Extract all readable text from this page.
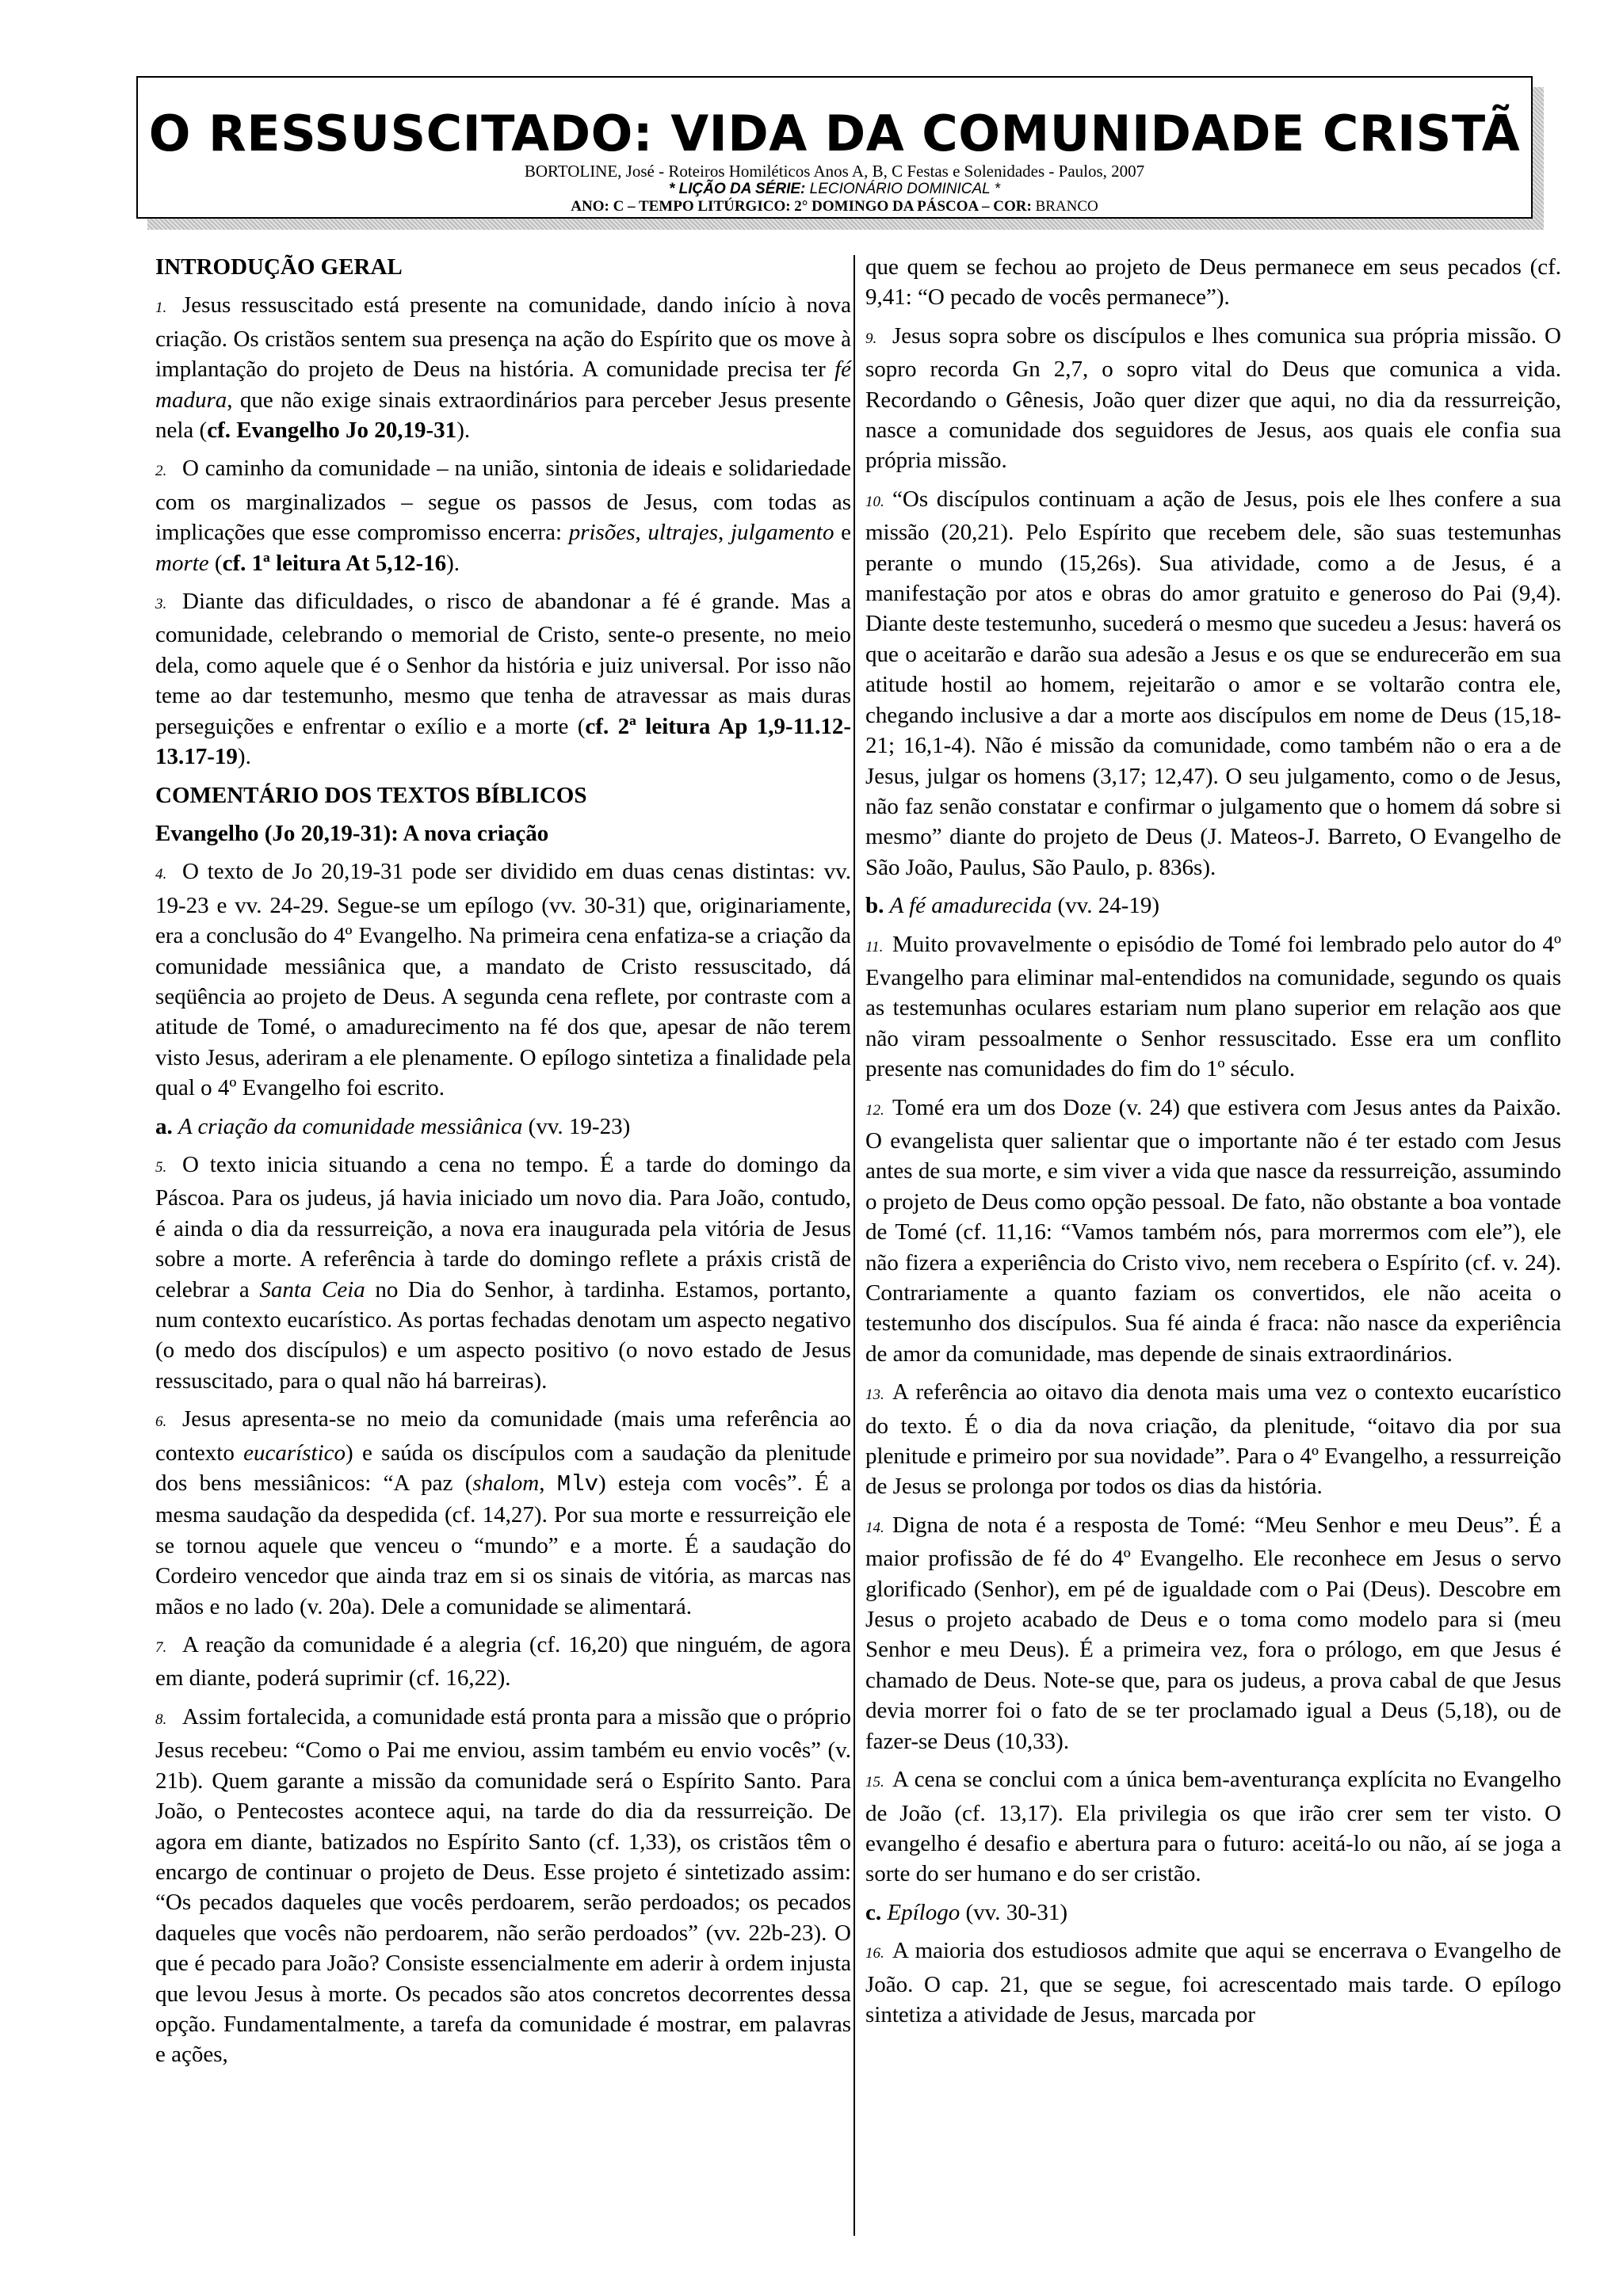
O RESSUSCITADO: VIDA DA COMUNIDADE CRISTÃ
BORTOLINE, José - Roteiros Homiléticos Anos A, B, C Festas e Solenidades - Paulos, 2007
* LIÇÃO DA SÉRIE: LECIONÁRIO DOMINICAL *
ANO: C – TEMPO LITÚRGICO: 2° DOMINGO DA PÁSCOA – COR: BRANCO
INTRODUÇÃO GERAL

1. Jesus ressuscitado está presente na comunidade, dando início à nova criação. Os cristãos sentem sua presença na ação do Espírito que os move à implantação do projeto de Deus na história. A comunidade precisa ter fé madura, que não exige sinais extraordinários para perceber Jesus presente nela (cf. Evangelho Jo 20,19-31).

2. O caminho da comunidade – na união, sintonia de ideais e solidariedade com os marginalizados – segue os passos de Jesus, com todas as implicações que esse compromisso encerra: prisões, ultrajes, julgamento e morte (cf. 1ª leitura At 5,12-16).

3. Diante das dificuldades, o risco de abandonar a fé é grande. Mas a comunidade, celebrando o memorial de Cristo, sente-o presente, no meio dela, como aquele que é o Senhor da história e juiz universal. Por isso não teme ao dar testemunho, mesmo que tenha de atravessar as mais duras perseguições e enfrentar o exílio e a morte (cf. 2ª leitura Ap 1,9-11.12-13.17-19).

COMENTÁRIO DOS TEXTOS BÍBLICOS
Evangelho (Jo 20,19-31): A nova criação

4. O texto de Jo 20,19-31 pode ser dividido em duas cenas distintas: vv. 19-23 e vv. 24-29. Segue-se um epílogo (vv. 30-31) que, originariamente, era a conclusão do 4º Evangelho. Na primeira cena enfatiza-se a criação da comunidade messiânica que, a mandato de Cristo ressuscitado, dá seqüência ao projeto de Deus. A segunda cena reflete, por contraste com a atitude de Tomé, o amadurecimento na fé dos que, apesar de não terem visto Jesus, aderiram a ele plenamente. O epílogo sintetiza a finalidade pela qual o 4º Evangelho foi escrito.

a. A criação da comunidade messiânica (vv. 19-23)

5. O texto inicia situando a cena no tempo. É a tarde do domingo da Páscoa. Para os judeus, já havia iniciado um novo dia. Para João, contudo, é ainda o dia da ressurreição, a nova era inaugurada pela vitória de Jesus sobre a morte. A referência à tarde do domingo reflete a práxis cristã de celebrar a Santa Ceia no Dia do Senhor, à tardinha. Estamos, portanto, num contexto eucarístico. As portas fechadas denotam um aspecto negativo (o medo dos discípulos) e um aspecto positivo (o novo estado de Jesus ressuscitado, para o qual não há barreiras).

6. Jesus apresenta-se no meio da comunidade (mais uma referência ao contexto eucarístico) e saúda os discípulos com a saudação da plenitude dos bens messiânicos: “A paz (shalom, Mlv) esteja com vocês”. É a mesma saudação da despedida (cf. 14,27). Por sua morte e ressurreição ele se tornou aquele que venceu o “mundo” e a morte. É a saudação do Cordeiro vencedor que ainda traz em si os sinais de vitória, as marcas nas mãos e no lado (v. 20a). Dele a comunidade se alimentará.

7. A reação da comunidade é a alegria (cf. 16,20) que ninguém, de agora em diante, poderá suprimir (cf. 16,22).

8. Assim fortalecida, a comunidade está pronta para a missão que o próprio Jesus recebeu: “Como o Pai me enviou, assim também eu envio vocês” (v. 21b). Quem garante a missão da comunidade será o Espírito Santo. Para João, o Pentecostes acontece aqui, na tarde do dia da ressurreição. De agora em diante, batizados no Espírito Santo (cf. 1,33), os cristãos têm o encargo de continuar o projeto de Deus. Esse projeto é sintetizado assim: “Os pecados daqueles que vocês perdoarem, serão perdoados; os pecados daqueles que vocês não perdoarem, não serão perdoados” (vv. 22b-23). O que é pecado para João? Consiste essencialmente em aderir à ordem injusta que levou Jesus à morte. Os pecados são atos concretos decorrentes dessa opção. Fundamentalmente, a tarefa da comunidade é mostrar, em palavras e ações,

que quem se fechou ao projeto de Deus permanece em seus pecados (cf. 9,41: “O pecado de vocês permanece”).

9. Jesus sopra sobre os discípulos e lhes comunica sua própria missão. O sopro recorda Gn 2,7, o sopro vital do Deus que comunica a vida. Recordando o Gênesis, João quer dizer que aqui, no dia da ressurreição, nasce a comunidade dos seguidores de Jesus, aos quais ele confia sua própria missão.

10. “Os discípulos continuam a ação de Jesus, pois ele lhes confere a sua missão (20,21). Pelo Espírito que recebem dele, são suas testemunhas perante o mundo (15,26s). Sua atividade, como a de Jesus, é a manifestação por atos e obras do amor gratuito e generoso do Pai (9,4). Diante deste testemunho, sucederá o mesmo que sucedeu a Jesus: haverá os que o aceitarão e darão sua adesão a Jesus e os que se endurecerão em sua atitude hostil ao homem, rejeitarão o amor e se voltarão contra ele, chegando inclusive a dar a morte aos discípulos em nome de Deus (15,18-21; 16,1-4). Não é missão da comunidade, como também não o era a de Jesus, julgar os homens (3,17; 12,47). O seu julgamento, como o de Jesus, não faz senão constatar e confirmar o julgamento que o homem dá sobre si mesmo” diante do projeto de Deus (J. Mateos-J. Barreto, O Evangelho de São João, Paulus, São Paulo, p. 836s).

b. A fé amadurecida (vv. 24-19)

11. Muito provavelmente o episódio de Tomé foi lembrado pelo autor do 4º Evangelho para eliminar mal-entendidos na comunidade, segundo os quais as testemunhas oculares estariam num plano superior em relação aos que não viram pessoalmente o Senhor ressuscitado. Esse era um conflito presente nas comunidades do fim do 1º século.

12. Tomé era um dos Doze (v. 24) que estivera com Jesus antes da Paixão. O evangelista quer salientar que o importante não é ter estado com Jesus antes de sua morte, e sim viver a vida que nasce da ressurreição, assumindo o projeto de Deus como opção pessoal. De fato, não obstante a boa vontade de Tomé (cf. 11,16: “Vamos também nós, para morrermos com ele”), ele não fizera a experiência do Cristo vivo, nem recebera o Espírito (cf. v. 24). Contrariamente a quanto faziam os convertidos, ele não aceita o testemunho dos discípulos. Sua fé ainda é fraca: não nasce da experiência de amor da comunidade, mas depende de sinais extraordinários.

13. A referência ao oitavo dia denota mais uma vez o contexto eucarístico do texto. É o dia da nova criação, da plenitude, “oitavo dia por sua plenitude e primeiro por sua novidade”. Para o 4º Evangelho, a ressurreição de Jesus se prolonga por todos os dias da história.

14. Digna de nota é a resposta de Tomé: “Meu Senhor e meu Deus”. É a maior profissão de fé do 4º Evangelho. Ele reconhece em Jesus o servo glorificado (Senhor), em pé de igualdade com o Pai (Deus). Descobre em Jesus o projeto acabado de Deus e o toma como modelo para si (meu Senhor e meu Deus). É a primeira vez, fora o prólogo, em que Jesus é chamado de Deus. Note-se que, para os judeus, a prova cabal de que Jesus devia morrer foi o fato de se ter proclamado igual a Deus (5,18), ou de fazer-se Deus (10,33).

15. A cena se conclui com a única bem-aventurança explícita no Evangelho de João (cf. 13,17). Ela privilegia os que irão crer sem ter visto. O evangelho é desafio e abertura para o futuro: aceitá-lo ou não, aí se joga a sorte do ser humano e do ser cristão.

c. Epílogo (vv. 30-31)

16. A maioria dos estudiosos admite que aqui se encerrava o Evangelho de João. O cap. 21, que se segue, foi acrescentado mais tarde. O epílogo sintetiza a atividade de Jesus, marcada por
